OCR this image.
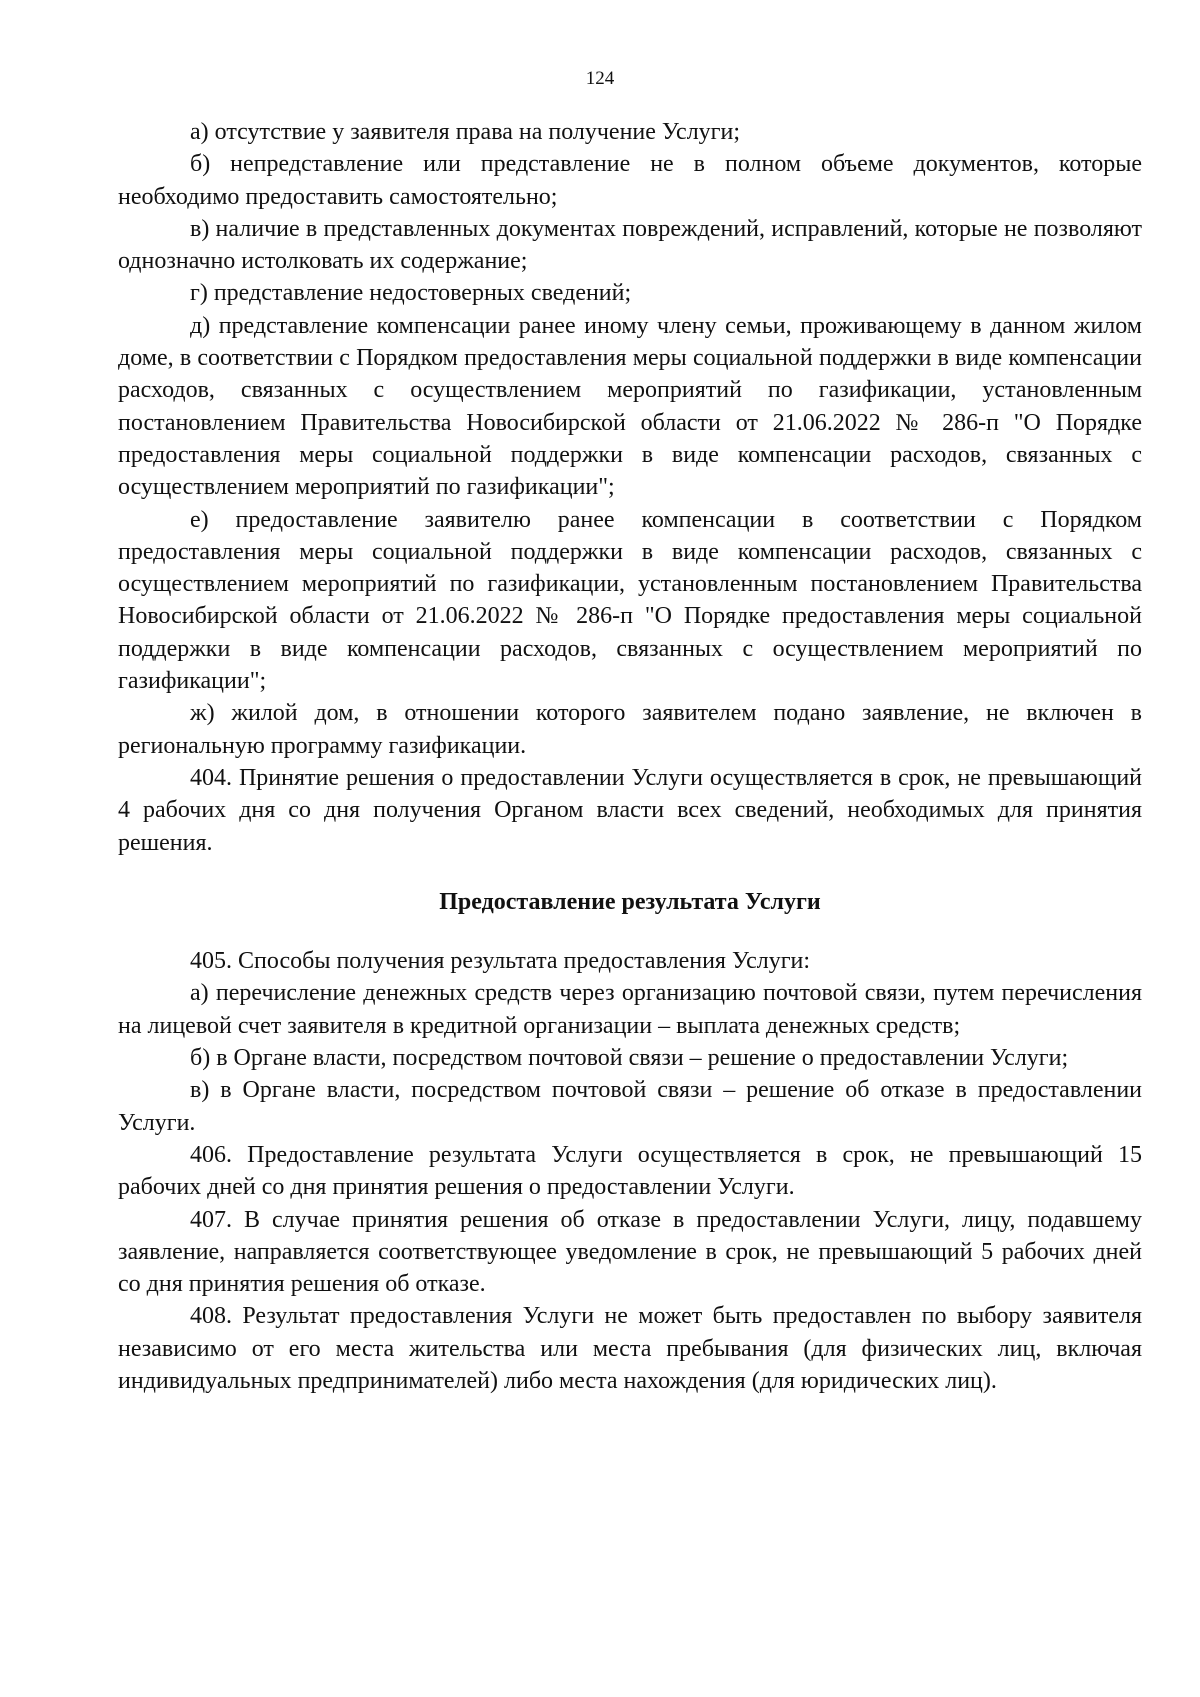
124

а) отсутствие у заявителя права на получение Услуги;

б) непредставление или представление не в полном объеме документов, которые необходимо предоставить самостоятельно;

в) наличие в представленных документах повреждений, исправлений, которые не позволяют однозначно истолковать их содержание;

г) представление недостоверных сведений;

д) представление компенсации ранее иному члену семьи, проживающему в данном жилом доме, в соответствии с Порядком предоставления меры социальной поддержки в виде компенсации расходов, связанных с осуществлением мероприятий по газификации, установленным постановлением Правительства Новосибирской области от 21.06.2022 № 286-п "О Порядке предоставления меры социальной поддержки в виде компенсации расходов, связанных с осуществлением мероприятий по газификации";

е) предоставление заявителю ранее компенсации в соответствии с Порядком предоставления меры социальной поддержки в виде компенсации расходов, связанных с осуществлением мероприятий по газификации, установленным постановлением Правительства Новосибирской области от 21.06.2022 № 286-п "О Порядке предоставления меры социальной поддержки в виде компенсации расходов, связанных с осуществлением мероприятий по газификации";

ж) жилой дом, в отношении которого заявителем подано заявление, не включен в региональную программу газификации.

404. Принятие решения о предоставлении Услуги осуществляется в срок, не превышающий 4 рабочих дня со дня получения Органом власти всех сведений, необходимых для принятия решения.

Предоставление результата Услуги

405. Способы получения результата предоставления Услуги:

а) перечисление денежных средств через организацию почтовой связи, путем перечисления на лицевой счет заявителя в кредитной организации – выплата денежных средств;

б) в Органе власти, посредством почтовой связи – решение о предоставлении Услуги;

в) в Органе власти, посредством почтовой связи – решение об отказе в предоставлении Услуги.

406. Предоставление результата Услуги осуществляется в срок, не превышающий 15 рабочих дней со дня принятия решения о предоставлении Услуги.

407. В случае принятия решения об отказе в предоставлении Услуги, лицу, подавшему заявление, направляется соответствующее уведомление в срок, не превышающий 5 рабочих дней со дня принятия решения об отказе.

408. Результат предоставления Услуги не может быть предоставлен по выбору заявителя независимо от его места жительства или места пребывания (для физических лиц, включая индивидуальных предпринимателей) либо места нахождения (для юридических лиц).
